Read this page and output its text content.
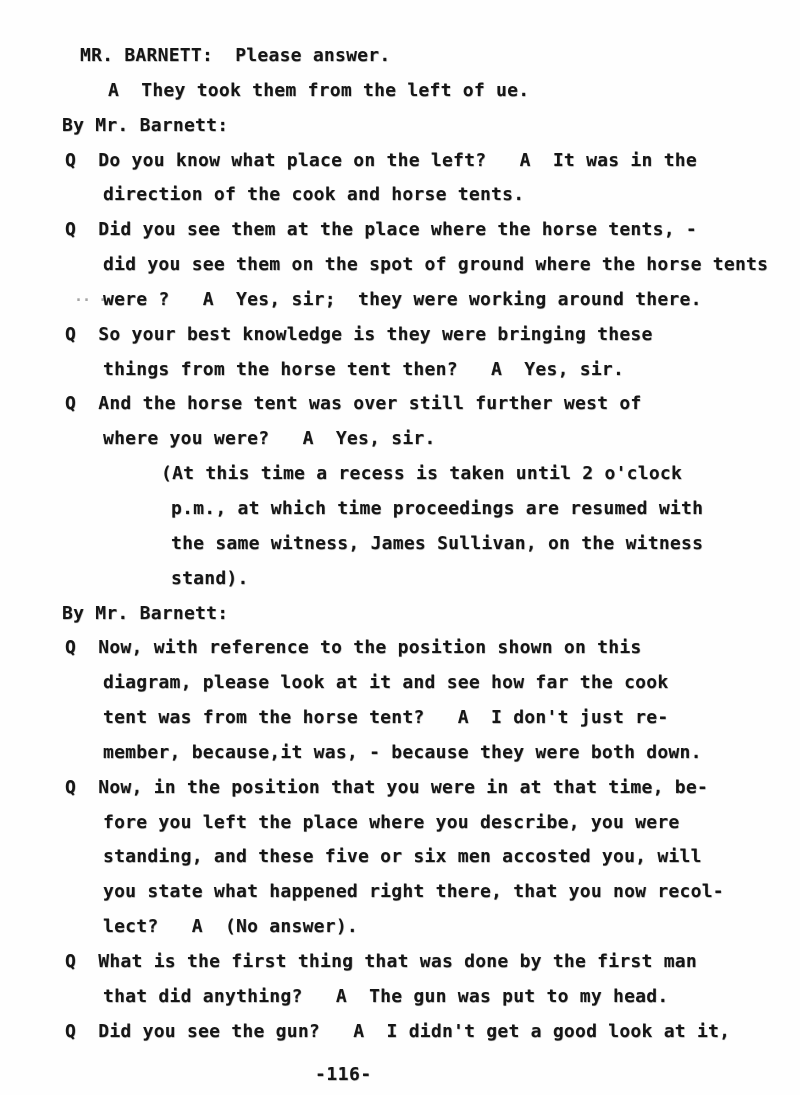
MR. BARNETT:  Please answer.
A  They took them from the left of ue.
By Mr. Barnett:
Q  Do you know what place on the left?   A  It was in the
direction of the cook and horse tents.
Q  Did you see them at the place where the horse tents, -
did you see them on the spot of ground where the horse tents
·· ·-
were ?   A  Yes, sir;  they were working around there.
Q  So your best knowledge is they were bringing these
things from the horse tent then?   A  Yes, sir.
Q  And the horse tent was over still further west of
where you were?   A  Yes, sir.
(At this time a recess is taken until 2 o'clock
p.m., at which time proceedings are resumed with
the same witness, James Sullivan, on the witness
stand).
By Mr. Barnett:
Q  Now, with reference to the position shown on this
diagram, please look at it and see how far the cook
tent was from the horse tent?   A  I don't just re-
member, because,it was, - because they were both down.
Q  Now, in the position that you were in at that time, be-
fore you left the place where you describe, you were
standing, and these five or six men accosted you, will
you state what happened right there, that you now recol-
lect?   A  (No answer).
Q  What is the first thing that was done by the first man
that did anything?   A  The gun was put to my head.
Q  Did you see the gun?   A  I didn't get a good look at it,
-116-
